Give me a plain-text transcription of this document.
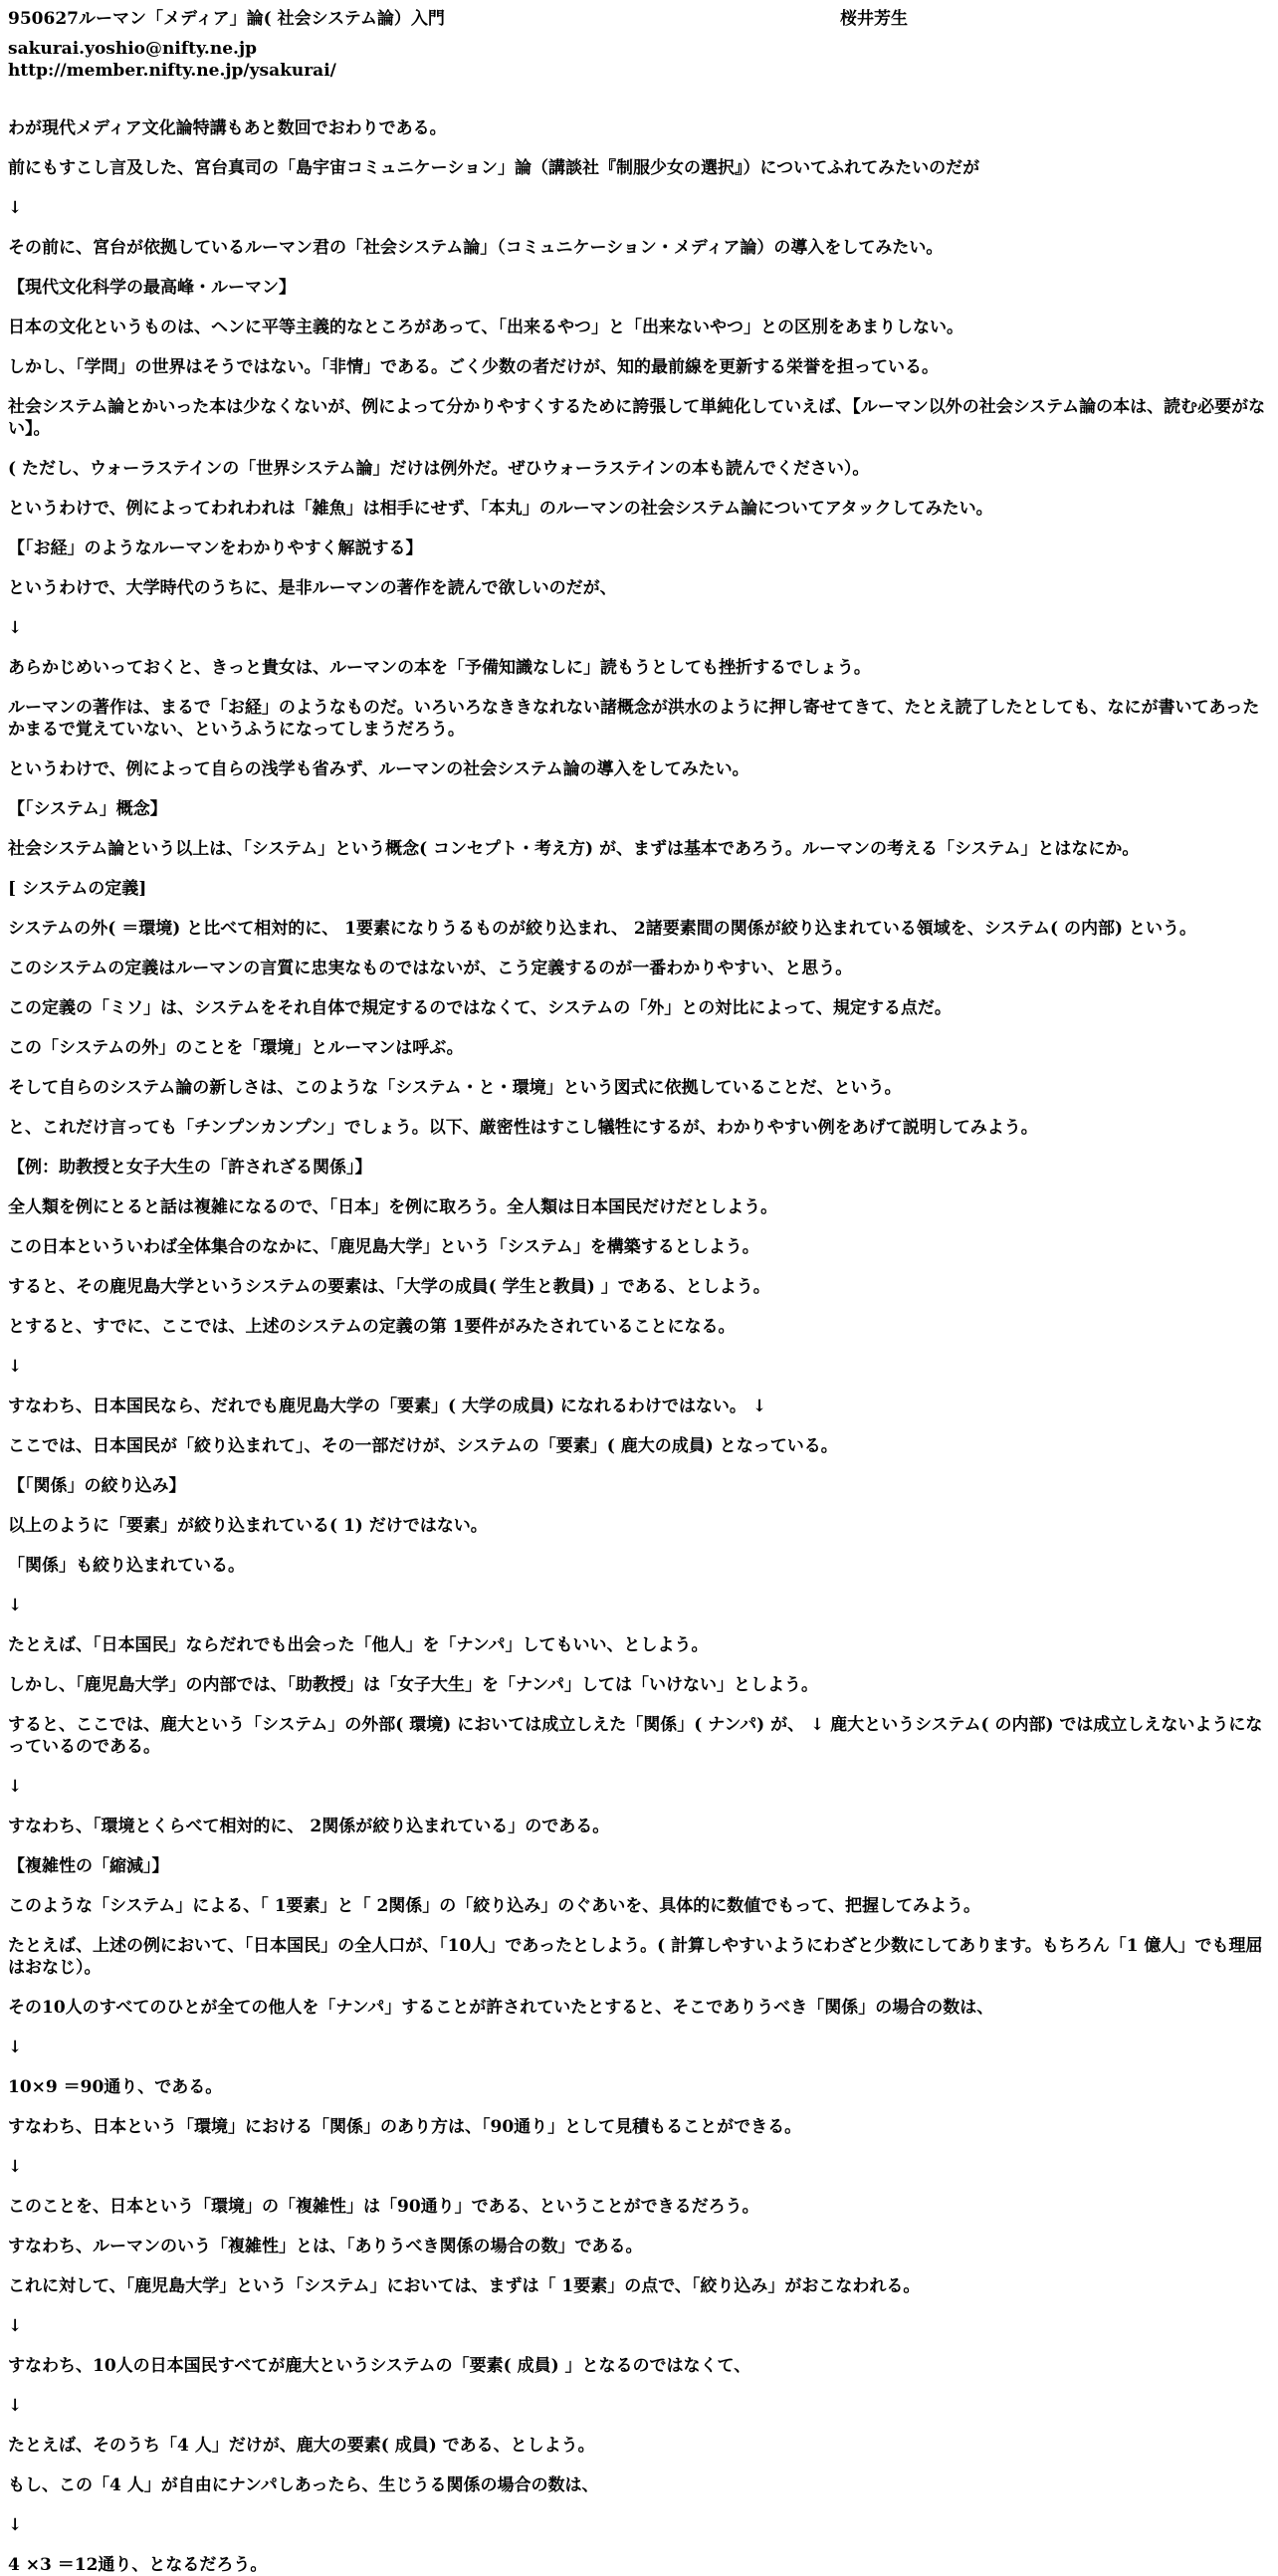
950627ルーマン「メディア」論( 社会システム論）入門	桜井芳生
sakurai.yoshio@nifty.ne.jp
http://member.nifty.ne.jp/ysakurai/

わが現代メディア文化論特講もあと数回でおわりである。

前にもすこし言及した、宮台真司の「島宇宙コミュニケーション」論（講談社『制服少女の選択』）についてふれてみたいのだが

↓

その前に、宮台が依拠しているルーマン君の「社会システム論」（コミュニケーション・メディア論）の導入をしてみたい。

【現代文化科学の最高峰・ルーマン】

日本の文化というものは、ヘンに平等主義的なところがあって、「出来るやつ」と「出来ないやつ」との区別をあまりしない。

しかし、「学問」の世界はそうではない。「非情」である。ごく少数の者だけが、知的最前線を更新する栄誉を担っている。

社会システム論とかいった本は少なくないが、例によって分かりやすくするために誇張して単純化していえば、【ルーマン以外の社会システム論の本は、読む必要がない】。

( ただし、ウォーラステインの「世界システム論」だけは例外だ。ぜひウォーラステインの本も読んでください）。

というわけで、例によってわれわれは「雑魚」は相手にせず、「本丸」のルーマンの社会システム論についてアタックしてみたい。

【「お経」のようなルーマンをわかりやすく解説する】

というわけで、大学時代のうちに、是非ルーマンの著作を読んで欲しいのだが、

↓

あらかじめいっておくと、きっと貴女は、ルーマンの本を「予備知識なしに」読もうとしても挫折するでしょう。

ルーマンの著作は、まるで「お経」のようなものだ。いろいろなききなれない諸概念が洪水のように押し寄せてきて、たとえ読了したとしても、なにが書いてあったかまるで覚えていない、というふうになってしまうだろう。

というわけで、例によって自らの浅学も省みず、ルーマンの社会システム論の導入をしてみたい。

【「システム」概念】

社会システム論という以上は、「システム」という概念( コンセプト・考え方) が、まずは基本であろう。ルーマンの考える「システム」とはなにか。

[ システムの定義]

システムの外( ＝環境) と比べて相対的に、 1要素になりうるものが絞り込まれ、 2諸要素間の関係が絞り込まれている領域を、システム( の内部) という。

このシステムの定義はルーマンの言質に忠実なものではないが、こう定義するのが一番わかりやすい、と思う。

この定義の「ミソ」は、システムをそれ自体で規定するのではなくて、システムの「外」との対比によって、規定する点だ。

この「システムの外」のことを「環境」とルーマンは呼ぶ。

そして自らのシステム論の新しさは、このような「システム・と・環境」という図式に依拠していることだ、という。

と、これだけ言っても「チンプンカンプン」でしょう。以下、厳密性はすこし犠牲にするが、わかりやすい例をあげて説明してみよう。

【例：助教授と女子大生の「許されざる関係」】

全人類を例にとると話は複雑になるので、「日本」を例に取ろう。全人類は日本国民だけだとしよう。

この日本といういわば全体集合のなかに、「鹿児島大学」という「システム」を構築するとしよう。

すると、その鹿児島大学というシステムの要素は、「大学の成員( 学生と教員) 」である、としよう。

とすると、すでに、ここでは、上述のシステムの定義の第 1要件がみたされていることになる。

↓

すなわち、日本国民なら、だれでも鹿児島大学の「要素」( 大学の成員) になれるわけではない。 ↓

ここでは、日本国民が「絞り込まれて」、その一部だけが、システムの「要素」( 鹿大の成員) となっている。

【「関係」の絞り込み】

以上のように「要素」が絞り込まれている( 1) だけではない。

「関係」も絞り込まれている。

↓

たとえば、「日本国民」ならだれでも出会った「他人」を「ナンパ」してもいい、としよう。

しかし、「鹿児島大学」の内部では、「助教授」は「女子大生」を「ナンパ」しては「いけない」としよう。

すると、ここでは、鹿大という「システム」の外部( 環境) においては成立しえた「関係」( ナンパ) が、 ↓ 鹿大というシステム( の内部) では成立しえないようになっているのである。

↓

すなわち、「環境とくらべて相対的に、 2関係が絞り込まれている」のである。

【複雑性の「縮減」】

このような「システム」による、「 1要素」と「 2関係」の「絞り込み」のぐあいを、具体的に数値でもって、把握してみよう。

たとえば、上述の例において、「日本国民」の全人口が、「10人」であったとしよう。( 計算しやすいようにわざと少数にしてあります。もちろん「1 億人」でも理屈はおなじ）。

その10人のすべてのひとが全ての他人を「ナンパ」することが許されていたとすると、そこでありうべき「関係」の場合の数は、

↓

10×9 ＝90通り、である。

すなわち、日本という「環境」における「関係」のあり方は、「90通り」として見積もることができる。

↓

このことを、日本という「環境」の「複雑性」は「90通り」である、ということができるだろう。

すなわち、ルーマンのいう「複雑性」とは、「ありうべき関係の場合の数」である。

これに対して、「鹿児島大学」という「システム」においては、まずは「 1要素」の点で、「絞り込み」がおこなわれる。

↓

すなわち、10人の日本国民すべてが鹿大というシステムの「要素( 成員) 」となるのではなくて、

↓

たとえば、そのうち「4 人」だけが、鹿大の要素( 成員) である、としよう。

もし、この「4 人」が自由にナンパしあったら、生じうる関係の場合の数は、

↓

4 ×3 ＝12通り、となるだろう。
